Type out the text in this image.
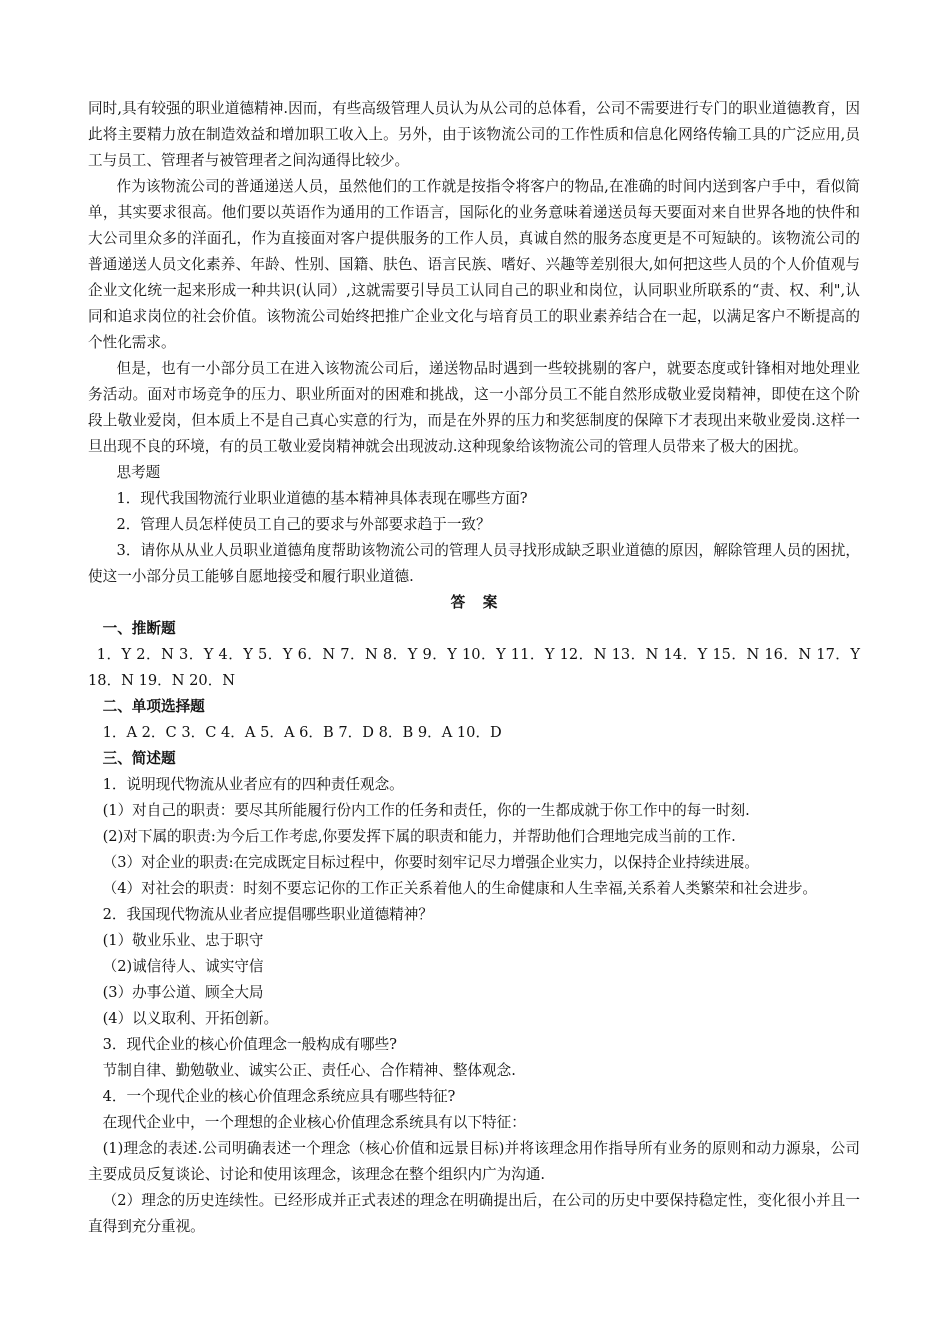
同时,具有较强的职业道德精神.因而，有些高级管理人员认为从公司的总体看，公司不需要进行专门的职业道德教育，因此将主要精力放在制造效益和增加职工收入上。另外，由于该物流公司的工作性质和信息化网络传输工具的广泛应用,员工与员工、管理者与被管理者之间沟通得比较少。

作为该物流公司的普通递送人员，虽然他们的工作就是按指令将客户的物品,在准确的时间内送到客户手中，看似简单，其实要求很高。他们要以英语作为通用的工作语言，国际化的业务意味着递送员每天要面对来自世界各地的快件和大公司里众多的洋面孔，作为直接面对客户提供服务的工作人员，真诚自然的服务态度更是不可短缺的。该物流公司的普通递送人员文化素养、年龄、性别、国籍、肤色、语言民族、嗜好、兴趣等差别很大,如何把这些人员的个人价值观与企业文化统一起来形成一种共识(认同）,这就需要引导员工认同自己的职业和岗位，认同职业所联系的“责、权、利",认同和追求岗位的社会价值。该物流公司始终把推广企业文化与培育员工的职业素养结合在一起，以满足客户不断提高的个性化需求。

但是，也有一小部分员工在进入该物流公司后，递送物品时遇到一些较挑剔的客户，就要态度或针锋相对地处理业务活动。面对市场竞争的压力、职业所面对的困难和挑战，这一小部分员工不能自然形成敬业爱岗精神，即使在这个阶段上敬业爱岗，但本质上不是自己真心实意的行为，而是在外界的压力和奖惩制度的保障下才表现出来敬业爱岗.这样一旦出现不良的环境，有的员工敬业爱岗精神就会出现波动.这种现象给该物流公司的管理人员带来了极大的困扰。

思考题

1．现代我国物流行业职业道德的基本精神具体表现在哪些方面?

2．管理人员怎样使员工自己的要求与外部要求趋于一致？

3．请你从从业人员职业道德角度帮助该物流公司的管理人员寻找形成缺乏职业道德的原因，解除管理人员的困扰，使这一小部分员工能够自愿地接受和履行职业道德.

答案

一、推断题

1．Y 2．N 3．Y 4．Y 5．Y 6．N 7．N 8．Y 9．Y 10．Y 11．Y 12．N 13．N 14．Y 15．N 16．N 17．Y 18．N 19．N 20．N

二、单项选择题

1．A 2．C 3．C 4．A 5．A 6．B 7．D 8．B 9．A 10．D

三、简述题

1．说明现代物流从业者应有的四种责任观念。

(1）对自己的职责：要尽其所能履行份内工作的任务和责任，你的一生都成就于你工作中的每一时刻.

(2)对下属的职责:为今后工作考虑,你要发挥下属的职责和能力，并帮助他们合理地完成当前的工作.

（3）对企业的职责:在完成既定目标过程中，你要时刻牢记尽力增强企业实力，以保持企业持续进展。

（4）对社会的职责：时刻不要忘记你的工作正关系着他人的生命健康和人生幸福,关系着人类繁荣和社会进步。

2．我国现代物流从业者应提倡哪些职业道德精神？

(1）敬业乐业、忠于职守

（2)诚信待人、诚实守信

(3）办事公道、顾全大局

(4）以义取利、开拓创新。

3．现代企业的核心价值理念一般构成有哪些?

节制自律、勤勉敬业、诚实公正、责任心、合作精神、整体观念.

4．一个现代企业的核心价值理念系统应具有哪些特征?

在现代企业中，一个理想的企业核心价值理念系统具有以下特征：

(1)理念的表述.公司明确表述一个理念（核心价值和远景目标)并将该理念用作指导所有业务的原则和动力源泉，公司主要成员反复谈论、讨论和使用该理念，该理念在整个组织内广为沟通.

（2）理念的历史连续性。已经形成并正式表述的理念在明确提出后，在公司的历史中要保持稳定性，变化很小并且一直得到充分重视。
